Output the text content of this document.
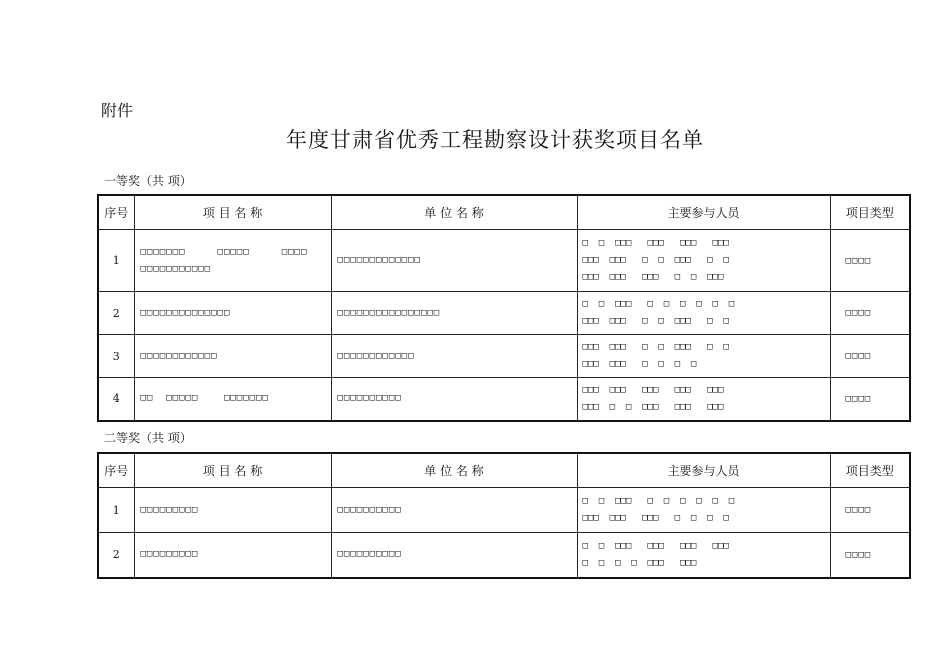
附件
年度甘肃省优秀工程勘察设计获奖项目名单
一等奖（共 项）
序号	项 目 名 称	单 位 名 称	主要参与人员	项目类型
1	□□□□□□□     □□□□□     □□□□
□□□□□□□□□□□	□□□□□□□□□□□□□	□  □  □□□   □□□   □□□   □□□
□□□  □□□   □  □  □□□   □  □
□□□  □□□   □□□   □  □  □□□	□□□□
2	□□□□□□□□□□□□□□	□□□□□□□□□□□□□□□□	□  □  □□□   □  □  □  □  □  □
□□□  □□□   □  □  □□□   □  □	□□□□
3	□□□□□□□□□□□□	□□□□□□□□□□□□	□□□  □□□   □  □  □□□   □  □
□□□  □□□   □  □  □  □	□□□□
4	□□  □□□□□    □□□□□□□	□□□□□□□□□□	□□□  □□□   □□□   □□□   □□□
□□□  □  □  □□□   □□□   □□□	□□□□
二等奖（共 项）
序号	项 目 名 称	单 位 名 称	主要参与人员	项目类型
1	□□□□□□□□□	□□□□□□□□□□	□  □  □□□   □  □  □  □  □  □
□□□  □□□   □□□   □  □  □  □	□□□□
2	□□□□□□□□□	□□□□□□□□□□	□  □  □□□   □□□   □□□   □□□
□  □  □  □  □□□   □□□	□□□□
